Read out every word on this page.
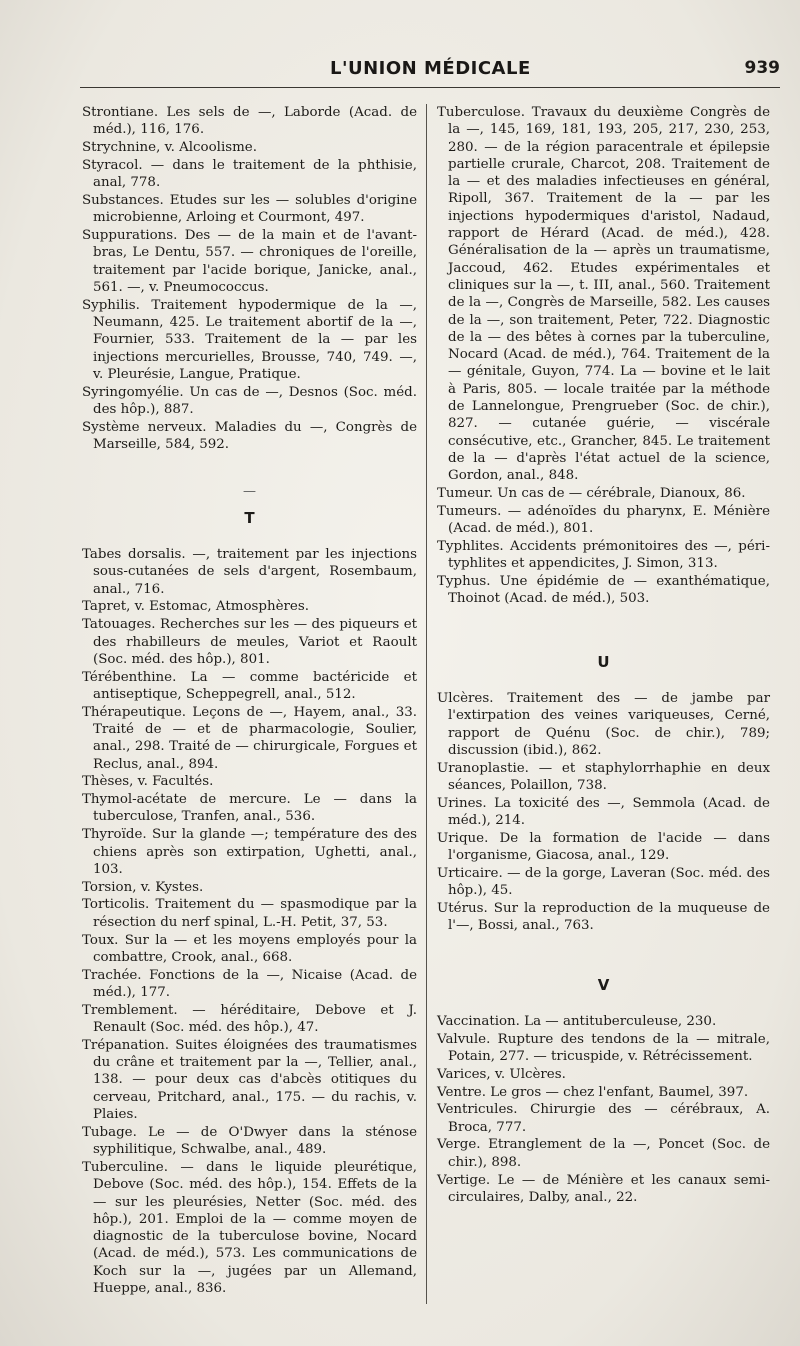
L'UNION MÉDICALE	939

Strontiane. Les sels de —, Laborde (Acad. de méd.), 116, 176.

Strychnine, v. Alcoolisme.

Styracol. — dans le traitement de la phthisie, anal, 778.

Substances. Etudes sur les — solubles d'origine microbienne, Arloing et Courmont, 497.

Suppurations. Des — de la main et de l'avant-bras, Le Dentu, 557. — chroniques de l'oreille, traitement par l'acide borique, Janicke, anal., 561. —, v. Pneumococcus.

Syphilis. Traitement hypodermique de la —, Neumann, 425. Le traitement abortif de la —, Fournier, 533. Traitement de la — par les injections mercurielles, Brousse, 740, 749. —, v. Pleurésie, Langue, Pratique.

Syringomyélie. Un cas de —, Desnos (Soc. méd. des hôp.), 887.

Système nerveux. Maladies du —, Congrès de Marseille, 584, 592.

—
T

Tabes dorsalis. —, traitement par les injections sous-cutanées de sels d'argent, Rosembaum, anal., 716.

Tapret, v. Estomac, Atmosphères.

Tatouages. Recherches sur les — des piqueurs et des rhabilleurs de meules, Variot et Raoult (Soc. méd. des hôp.), 801.

Térébenthine. La — comme bactéricide et antiseptique, Scheppegrell, anal., 512.

Thérapeutique. Leçons de —, Hayem, anal., 33. Traité de — et de pharmacologie, Soulier, anal., 298. Traité de — chirurgicale, Forgues et Reclus, anal., 894.

Thèses, v. Facultés.

Thymol-acétate de mercure. Le — dans la tuberculose, Tranfen, anal., 536.

Thyroïde. Sur la glande —; température des des chiens après son extirpation, Ughetti, anal., 103.

Torsion, v. Kystes.

Torticolis. Traitement du — spasmodique par la résection du nerf spinal, L.-H. Petit, 37, 53.

Toux. Sur la — et les moyens employés pour la combattre, Crook, anal., 668.

Trachée. Fonctions de la —, Nicaise (Acad. de méd.), 177.

Tremblement. — héréditaire, Debove et J. Renault (Soc. méd. des hôp.), 47.

Trépanation. Suites éloignées des traumatismes du crâne et traitement par la —, Tellier, anal., 138. — pour deux cas d'abcès otitiques du cerveau, Pritchard, anal., 175. — du rachis, v. Plaies.

Tubage. Le — de O'Dwyer dans la sténose syphilitique, Schwalbe, anal., 489.

Tuberculine. — dans le liquide pleurétique, Debove (Soc. méd. des hôp.), 154. Effets de la — sur les pleurésies, Netter (Soc. méd. des hôp.), 201. Emploi de la — comme moyen de diagnostic de la tuberculose bovine, Nocard (Acad. de méd.), 573. Les communications de Koch sur la —, jugées par un Allemand, Hueppe, anal., 836.

Tuberculose. Travaux du deuxième Congrès de la —, 145, 169, 181, 193, 205, 217, 230, 253, 280. — de la région paracentrale et épilepsie partielle crurale, Charcot, 208. Traitement de la — et des maladies infectieuses en général, Ripoll, 367. Traitement de la — par les injections hypodermiques d'aristol, Nadaud, rapport de Hérard (Acad. de méd.), 428. Généralisation de la — après un traumatisme, Jaccoud, 462. Etudes expérimentales et cliniques sur la —, t. III, anal., 560. Traitement de la —, Congrès de Marseille, 582. Les causes de la —, son traitement, Peter, 722. Diagnostic de la — des bêtes à cornes par la tuberculine, Nocard (Acad. de méd.), 764. Traitement de la — génitale, Guyon, 774. La — bovine et le lait à Paris, 805. — locale traitée par la méthode de Lannelongue, Prengrueber (Soc. de chir.), 827. — cutanée guérie, — viscérale consécutive, etc., Grancher, 845. Le traitement de la — d'après l'état actuel de la science, Gordon, anal., 848.

Tumeur. Un cas de — cérébrale, Dianoux, 86.

Tumeurs. — adénoïdes du pharynx, E. Ménière (Acad. de méd.), 801.

Typhlites. Accidents prémonitoires des —, péri-typhlites et appendicites, J. Simon, 313.

Typhus. Une épidémie de — exanthématique, Thoinot (Acad. de méd.), 503.

U

Ulcères. Traitement des — de jambe par l'extirpation des veines variqueuses, Cerné, rapport de Quénu (Soc. de chir.), 789; discussion (ibid.), 862.

Uranoplastie. — et staphylorrhaphie en deux séances, Polaillon, 738.

Urines. La toxicité des —, Semmola (Acad. de méd.), 214.

Urique. De la formation de l'acide — dans l'organisme, Giacosa, anal., 129.

Urticaire. — de la gorge, Laveran (Soc. méd. des hôp.), 45.

Utérus. Sur la reproduction de la muqueuse de l'—, Bossi, anal., 763.

V

Vaccination. La — antituberculeuse, 230.

Valvule. Rupture des tendons de la — mitrale, Potain, 277. — tricuspide, v. Rétrécissement.

Varices, v. Ulcères.

Ventre. Le gros — chez l'enfant, Baumel, 397.

Ventricules. Chirurgie des — cérébraux, A. Broca, 777.

Verge. Etranglement de la —, Poncet (Soc. de chir.), 898.

Vertige. Le — de Ménière et les canaux semi-circulaires, Dalby, anal., 22.
